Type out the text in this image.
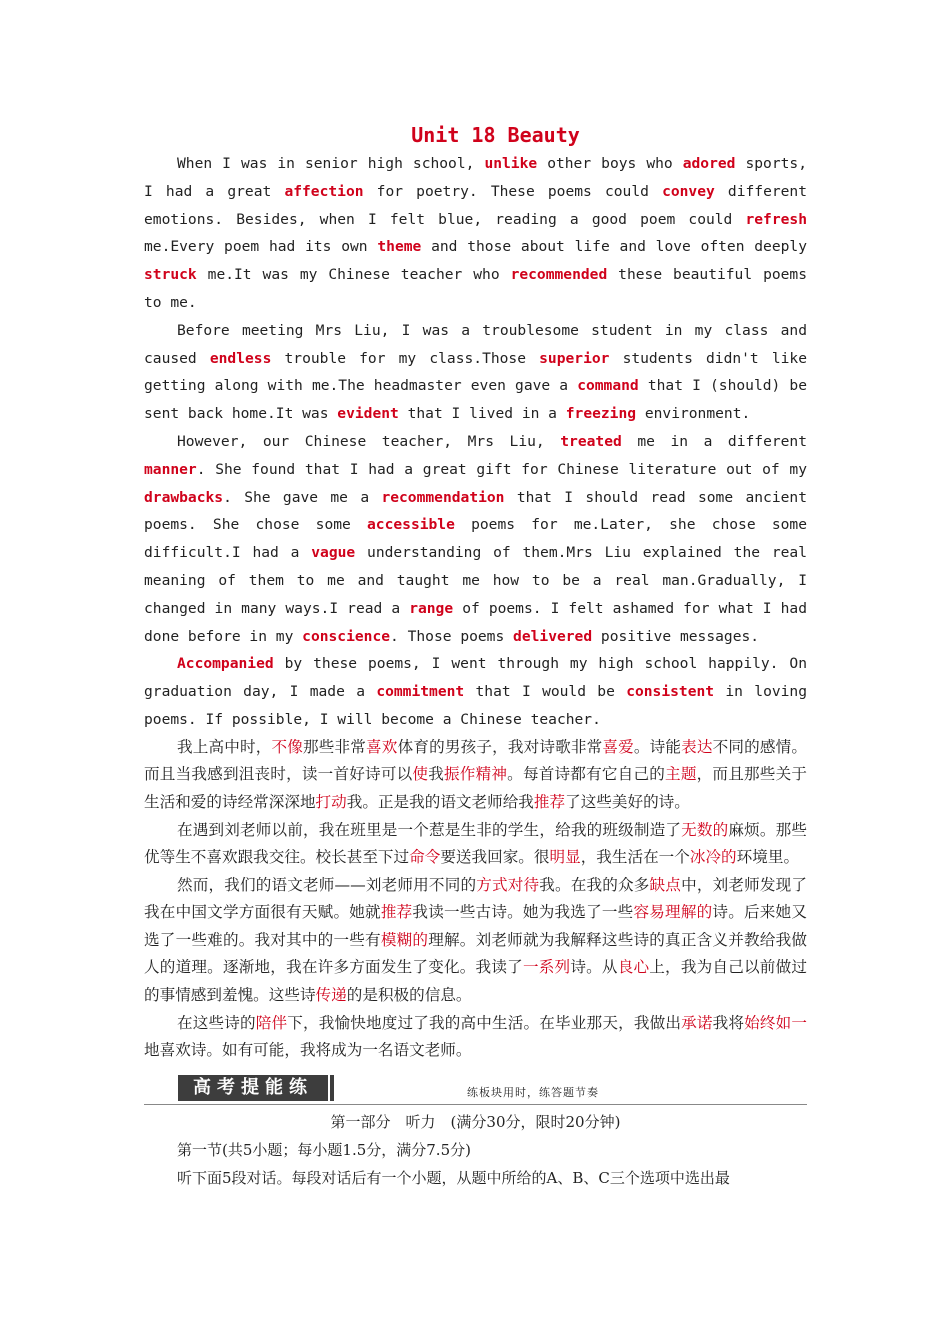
Unit 18 Beauty

When I was in senior high school, unlike other boys who adored sports, I had a great affection for poetry. These poems could convey different emotions. Besides, when I felt blue, reading a good poem could refresh me.Every poem had its own theme and those about life and love often deeply struck me.It was my Chinese teacher who recommended these beautiful poems to me.

Before meeting Mrs Liu, I was a troublesome student in my class and caused endless trouble for my class.Those superior students didn't like getting along with me.The headmaster even gave a command that I (should) be sent back home.It was evident that I lived in a freezing environment.

However, our Chinese teacher, Mrs Liu, treated me in a different manner. She found that I had a great gift for Chinese literature out of my drawbacks. She gave me a recommendation that I should read some ancient poems. She chose some accessible poems for me.Later, she chose some difficult.I had a vague understanding of them.Mrs Liu explained the real meaning of them to me and taught me how to be a real man.Gradually, I changed in many ways.I read a range of poems. I felt ashamed for what I had done before in my conscience. Those poems delivered positive messages.

Accompanied by these poems, I went through my high school happily. On graduation day, I made a commitment that I would be consistent in loving poems. If possible, I will become a Chinese teacher.

我上高中时，不像那些非常喜欢体育的男孩子，我对诗歌非常喜爱。诗能表达不同的感情。而且当我感到沮丧时，读一首好诗可以使我振作精神。每首诗都有它自己的主题，而且那些关于生活和爱的诗经常深深地打动我。正是我的语文老师给我推荐了这些美好的诗。

在遇到刘老师以前，我在班里是一个惹是生非的学生，给我的班级制造了无数的麻烦。那些优等生不喜欢跟我交往。校长甚至下过命令要送我回家。很明显，我生活在一个冰冷的环境里。

然而，我们的语文老师——刘老师用不同的方式对待我。在我的众多缺点中，刘老师发现了我在中国文学方面很有天赋。她就推荐我读一些古诗。她为我选了一些容易理解的诗。后来她又选了一些难的。我对其中的一些有模糊的理解。刘老师就为我解释这些诗的真正含义并教给我做人的道理。逐渐地，我在许多方面发生了变化。我读了一系列诗。从良心上，我为自己以前做过的事情感到羞愧。这些诗传递的是积极的信息。

在这些诗的陪伴下，我愉快地度过了我的高中生活。在毕业那天，我做出承诺我将始终如一地喜欢诗。如有可能，我将成为一名语文老师。

高考提能练	练板块用时，练答题节奏

第一部分　听力　(满分30分，限时20分钟)

第一节(共5小题；每小题1.5分，满分7.5分)

听下面5段对话。每段对话后有一个小题，从题中所给的A、B、C三个选项中选出最
